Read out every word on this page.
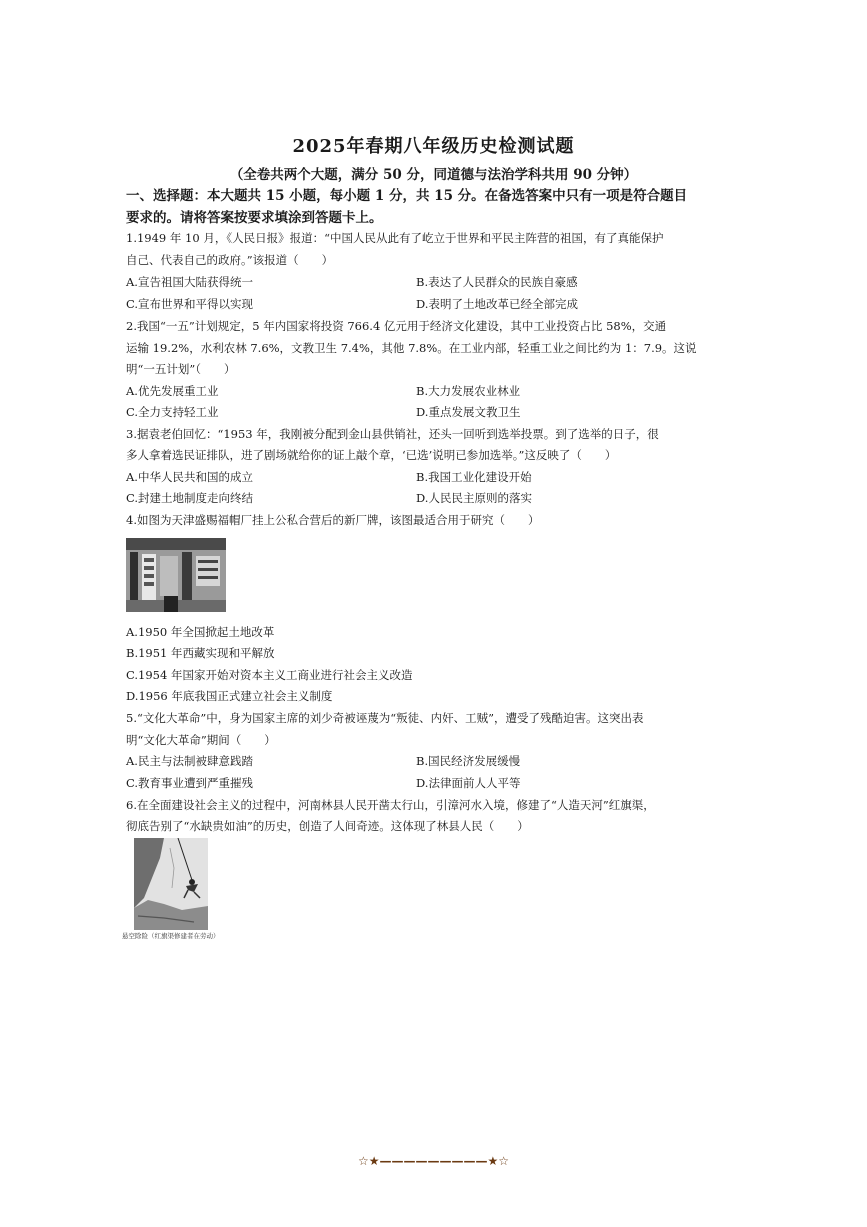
2025年春期八年级历史检测试题
（全卷共两个大题，满分 50 分，同道德与法治学科共用 90 分钟）
一、选择题：本大题共 15 小题，每小题 1 分，共 15 分。在备选答案中只有一项是符合题目
要求的。请将答案按要求填涂到答题卡上。
1.1949 年 10 月，《人民日报》报道：“中国人民从此有了屹立于世界和平民主阵营的祖国，有了真能保护
自己、代表自己的政府。”该报道（　　）
A.宣告祖国大陆获得统一	B.表达了人民群众的民族自豪感
C.宣布世界和平得以实现	D.表明了土地改革已经全部完成
2.我国“一五”计划规定，5 年内国家将投资 766.4 亿元用于经济文化建设，其中工业投资占比 58%，交通
运输 19.2%，水利农林 7.6%，文教卫生 7.4%，其他 7.8%。在工业内部，轻重工业之间比约为 1：7.9。这说
明“一五计划”（　　）
A.优先发展重工业	B.大力发展农业林业
C.全力支持轻工业	D.重点发展文教卫生
3.据袁老伯回忆：“1953 年，我刚被分配到金山县供销社，还头一回听到选举投票。到了选举的日子，很
多人拿着选民证排队，进了剧场就给你的证上敲个章，‘已选’说明已参加选举。”这反映了（　　）
A.中华人民共和国的成立	B.我国工业化建设开始
C.封建土地制度走向终结	D.人民民主原则的落实
4.如图为天津盛赐福帽厂挂上公私合营后的新厂牌，该图最适合用于研究（　　）
A.1950 年全国掀起土地改革
B.1951 年西藏实现和平解放
C.1954 年国家开始对资本主义工商业进行社会主义改造
D.1956 年底我国正式建立社会主义制度
5.“文化大革命”中，身为国家主席的刘少奇被诬蔑为“叛徒、内奸、工贼”，遭受了残酷迫害。这突出表
明“文化大革命”期间（　　）
A.民主与法制被肆意践踏	B.国民经济发展缓慢
C.教育事业遭到严重摧残	D.法律面前人人平等
6.在全面建设社会主义的过程中，河南林县人民开凿太行山，引漳河水入境，修建了“人造天河”红旗渠，
彻底告别了“水缺贵如油”的历史，创造了人间奇迹。这体现了林县人民（　　）
悬空除险（红旗渠修建者在劳动）
☆★—————————★☆
